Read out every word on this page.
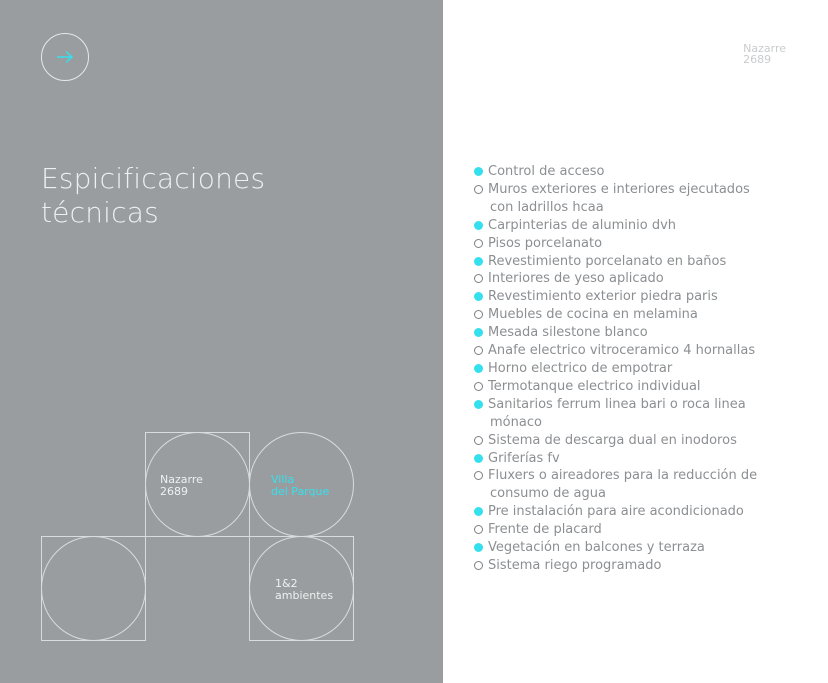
Espicificaciones
técnicas
Nazarre
2689
Nazarre
2689
Villa
del Parque
1&2
ambientes
Control de acceso
Muros exteriores e interiores ejecutados
con ladrillos hcaa
Carpinterias de aluminio dvh
Pisos porcelanato
Revestimiento porcelanato en baños
Interiores de yeso aplicado
Revestimiento exterior piedra paris
Muebles de cocina en melamina
Mesada silestone blanco
Anafe electrico vitroceramico 4 hornallas
Horno electrico de empotrar
Termotanque electrico individual
Sanitarios ferrum linea bari o roca linea
mónaco
Sistema de descarga dual en inodoros
Griferías fv
Fluxers o aireadores para la reducción de
consumo de agua
Pre instalación para aire acondicionado
Frente de placard
Vegetación en balcones y terraza
Sistema riego programado
